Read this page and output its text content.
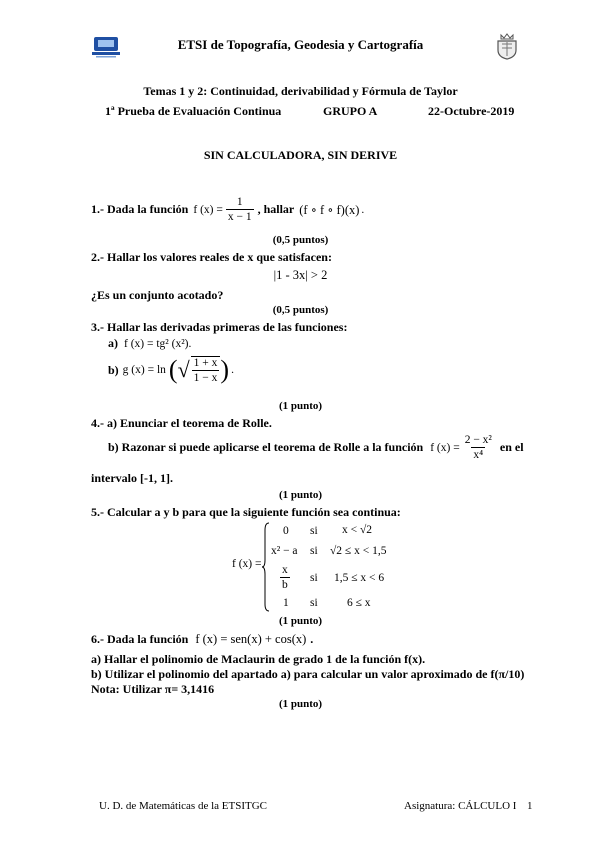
ETSI de Topografía, Geodesia y Cartografía
Temas 1 y 2: Continuidad, derivabilidad y Fórmula de Taylor
1ª Prueba de Evaluación Continua	GRUPO A	22-Octubre-2019
SIN CALCULADORA, SIN DERIVE
1.- Dada la función f $(x) = \frac{1}{x - 1}$ , hallar (f ∘ f ∘ f)(x) .
(0,5 puntos)
2.- Hallar los valores reales de x que satisfacen:
|1 - 3x| > 2
¿Es un conjunto acotado?
(0,5 puntos)
3.- Hallar las derivadas primeras de las funciones:
a) f (x) = tg² (x²).
b) g (x) = ln ( √ $\frac{1 + x}{1 - x}$ ) .
(1 punto)
4.- a) Enunciar el teorema de Rolle.
b) Razonar si puede aplicarse el teorema de Rolle a la función f $(x) = \frac{\text{2 − x²}}{\text{x⁴}}$ en el
intervalo [-1, 1].
(1 punto)
5.- Calcular a y b para que la siguiente función sea continua:
f (x) =
0 si x < √2
x² − a si √2 ≤ x < 1,5
$\frac{x}{b}$ si 1,5 ≤ x < 6
1 si	6 ≤ x
(1 punto)
6.- Dada la función f (x) = sen(x) + cos(x) .
a) Hallar el polinomio de Maclaurin de grado 1 de la función f(x).
b) Utilizar el polinomio del apartado a) para calcular un valor aproximado de f(π/10)
Nota: Utilizar π= 3,1416
(1 punto)
U. D. de Matemáticas de la ETSITGC	Asignatura: CÁLCULO I 1
